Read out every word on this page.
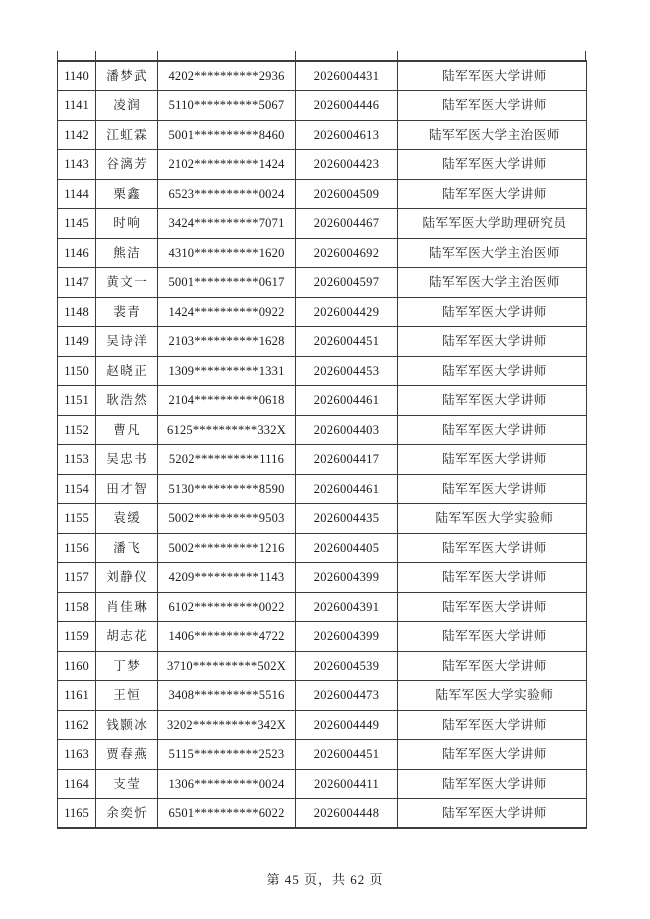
1140	潘梦武	4202**********2936	2026004431	陆军军医大学讲师
1141	凌润	5110**********5067	2026004446	陆军军医大学讲师
1142	江虹霖	5001**********8460	2026004613	陆军军医大学主治医师
1143	谷漓芳	2102**********1424	2026004423	陆军军医大学讲师
1144	栗鑫	6523**********0024	2026004509	陆军军医大学讲师
1145	时响	3424**********7071	2026004467	陆军军医大学助理研究员
1146	熊洁	4310**********1620	2026004692	陆军军医大学主治医师
1147	黄文一	5001**********0617	2026004597	陆军军医大学主治医师
1148	裴青	1424**********0922	2026004429	陆军军医大学讲师
1149	吴诗洋	2103**********1628	2026004451	陆军军医大学讲师
1150	赵晓正	1309**********1331	2026004453	陆军军医大学讲师
1151	耿浩然	2104**********0618	2026004461	陆军军医大学讲师
1152	曹凡	6125**********332X	2026004403	陆军军医大学讲师
1153	吴忠书	5202**********1116	2026004417	陆军军医大学讲师
1154	田才智	5130**********8590	2026004461	陆军军医大学讲师
1155	袁缓	5002**********9503	2026004435	陆军军医大学实验师
1156	潘飞	5002**********1216	2026004405	陆军军医大学讲师
1157	刘静仪	4209**********1143	2026004399	陆军军医大学讲师
1158	肖佳琳	6102**********0022	2026004391	陆军军医大学讲师
1159	胡志花	1406**********4722	2026004399	陆军军医大学讲师
1160	丁梦	3710**********502X	2026004539	陆军军医大学讲师
1161	王恒	3408**********5516	2026004473	陆军军医大学实验师
1162	钱颢冰	3202**********342X	2026004449	陆军军医大学讲师
1163	贾春燕	5115**********2523	2026004451	陆军军医大学讲师
1164	支莹	1306**********0024	2026004411	陆军军医大学讲师
1165	余奕忻	6501**********6022	2026004448	陆军军医大学讲师
第 45 页，共 62 页
